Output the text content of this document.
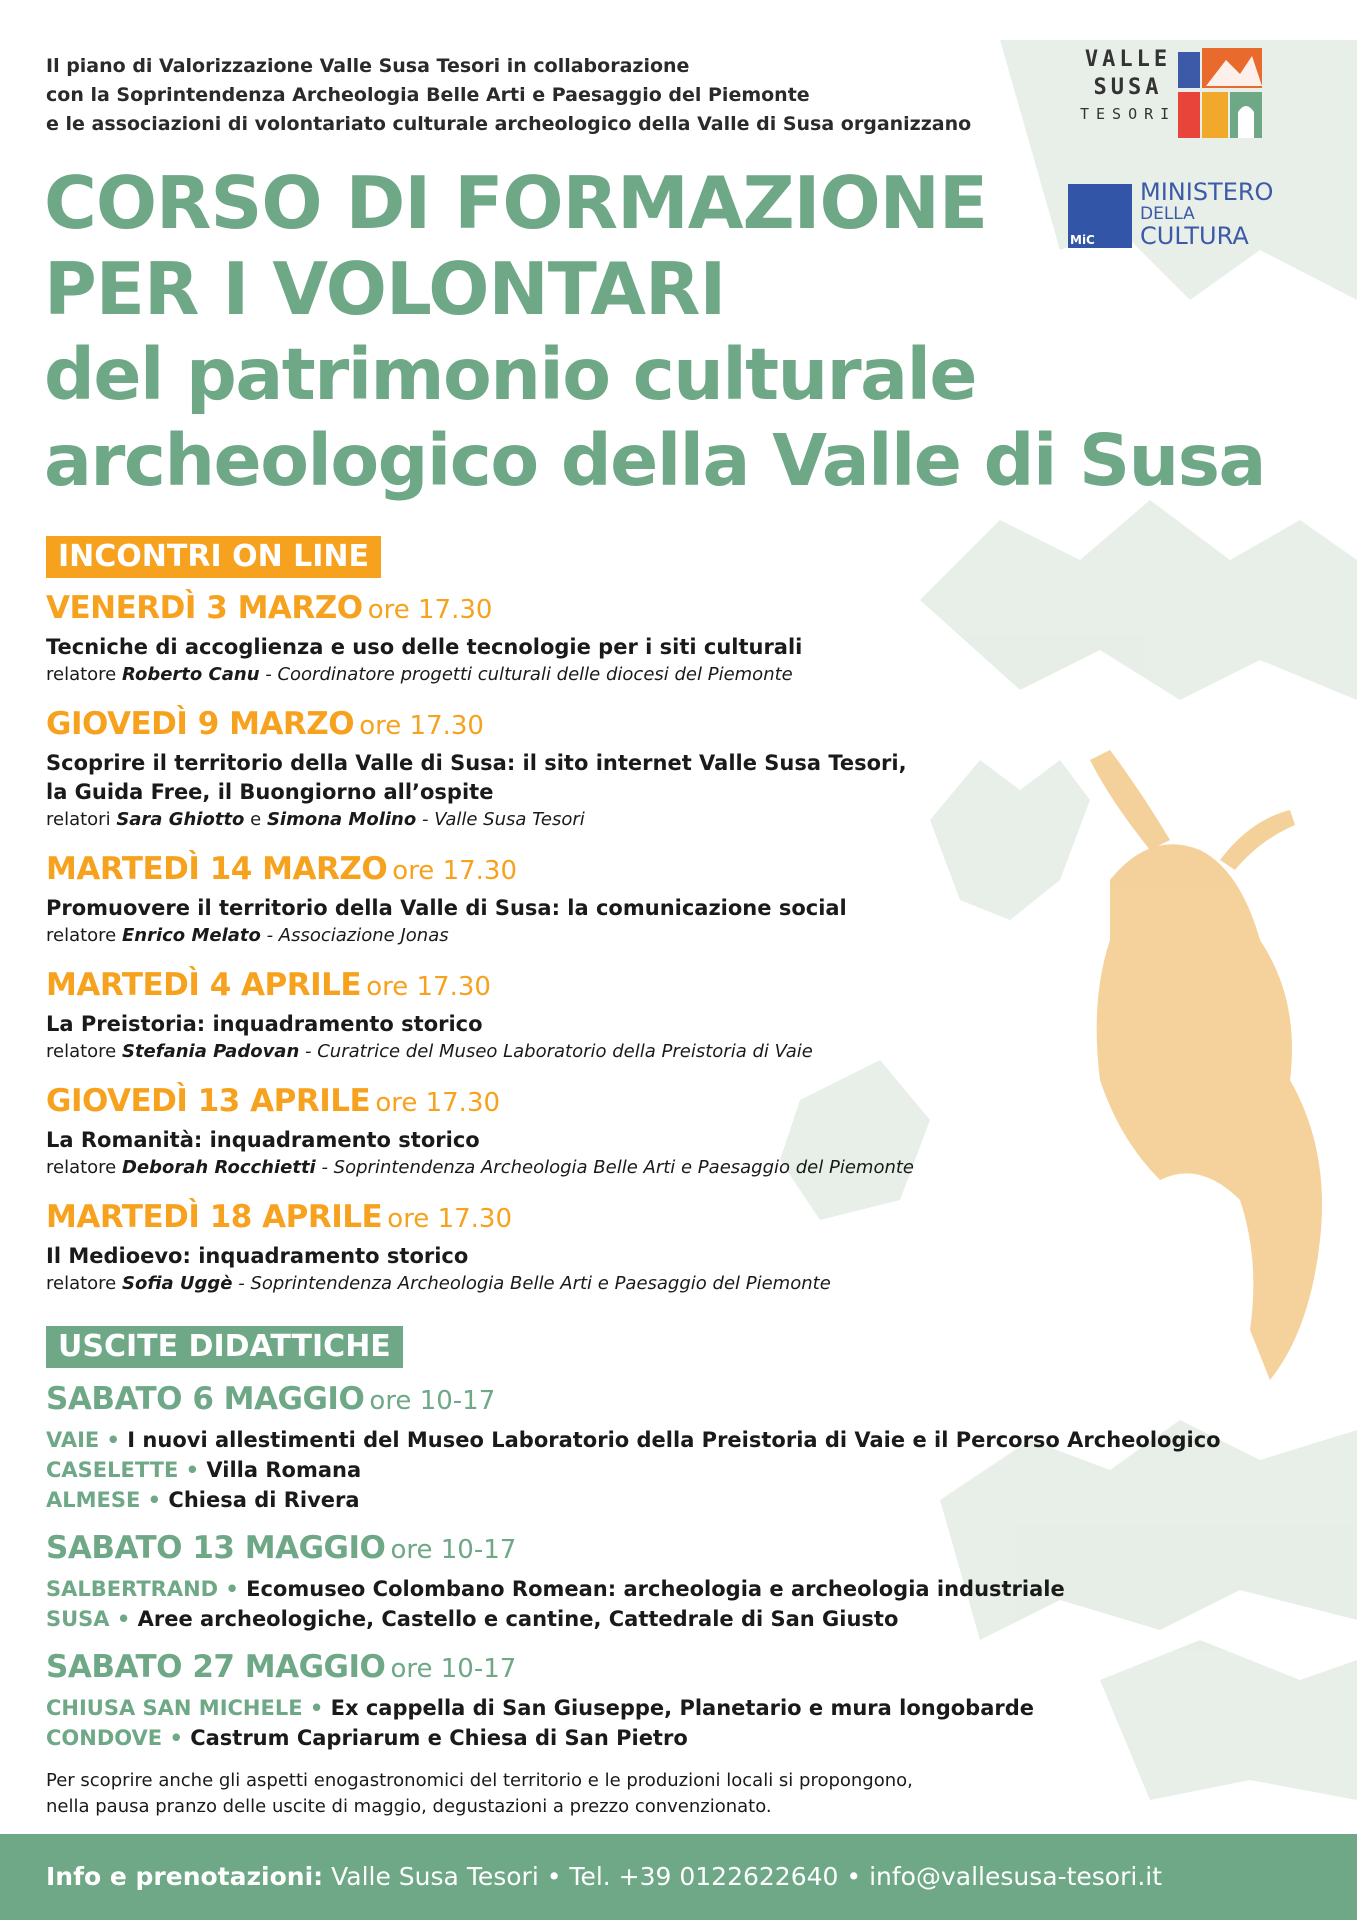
Il piano di Valorizzazione Valle Susa Tesori in collaborazione
con la Soprintendenza Archeologia Belle Arti e Paesaggio del Piemonte
e le associazioni di volontariato culturale archeologico della Valle di Susa organizzano
VALLE
SUSA
TESORI
MiC
MINISTERO
DELLA
CULTURA
CORSO DI FORMAZIONE
PER I VOLONTARI
del patrimonio culturale
archeologico della Valle di Susa
INCONTRI ON LINE
VENERDÌ 3 MARZO ore 17.30
Tecniche di accoglienza e uso delle tecnologie per i siti culturali
relatore Roberto Canu - Coordinatore progetti culturali delle diocesi del Piemonte
GIOVEDÌ 9 MARZO ore 17.30
Scoprire il territorio della Valle di Susa: il sito internet Valle Susa Tesori,
la Guida Free, il Buongiorno all’ospite
relatori Sara Ghiotto e Simona Molino - Valle Susa Tesori
MARTEDÌ 14 MARZO ore 17.30
Promuovere il territorio della Valle di Susa: la comunicazione social
relatore Enrico Melato - Associazione Jonas
MARTEDÌ 4 APRILE ore 17.30
La Preistoria: inquadramento storico
relatore Stefania Padovan - Curatrice del Museo Laboratorio della Preistoria di Vaie
GIOVEDÌ 13 APRILE ore 17.30
La Romanità: inquadramento storico
relatore Deborah Rocchietti - Soprintendenza Archeologia Belle Arti e Paesaggio del Piemonte
MARTEDÌ 18 APRILE ore 17.30
Il Medioevo: inquadramento storico
relatore Sofia Uggè - Soprintendenza Archeologia Belle Arti e Paesaggio del Piemonte
USCITE DIDATTICHE
SABATO 6 MAGGIO ore 10-17
VAIE • I nuovi allestimenti del Museo Laboratorio della Preistoria di Vaie e il Percorso Archeologico
CASELETTE • Villa Romana
ALMESE • Chiesa di Rivera
SABATO 13 MAGGIO ore 10-17
SALBERTRAND • Ecomuseo Colombano Romean: archeologia e archeologia industriale
SUSA • Aree archeologiche, Castello e cantine, Cattedrale di San Giusto
SABATO 27 MAGGIO ore 10-17
CHIUSA SAN MICHELE • Ex cappella di San Giuseppe, Planetario e mura longobarde
CONDOVE • Castrum Capriarum e Chiesa di San Pietro
Per scoprire anche gli aspetti enogastronomici del territorio e le produzioni locali si propongono,
nella pausa pranzo delle uscite di maggio, degustazioni a prezzo convenzionato.
Info e prenotazioni: Valle Susa Tesori • Tel. +39 0122622640 • info@vallesusa-tesori.it
